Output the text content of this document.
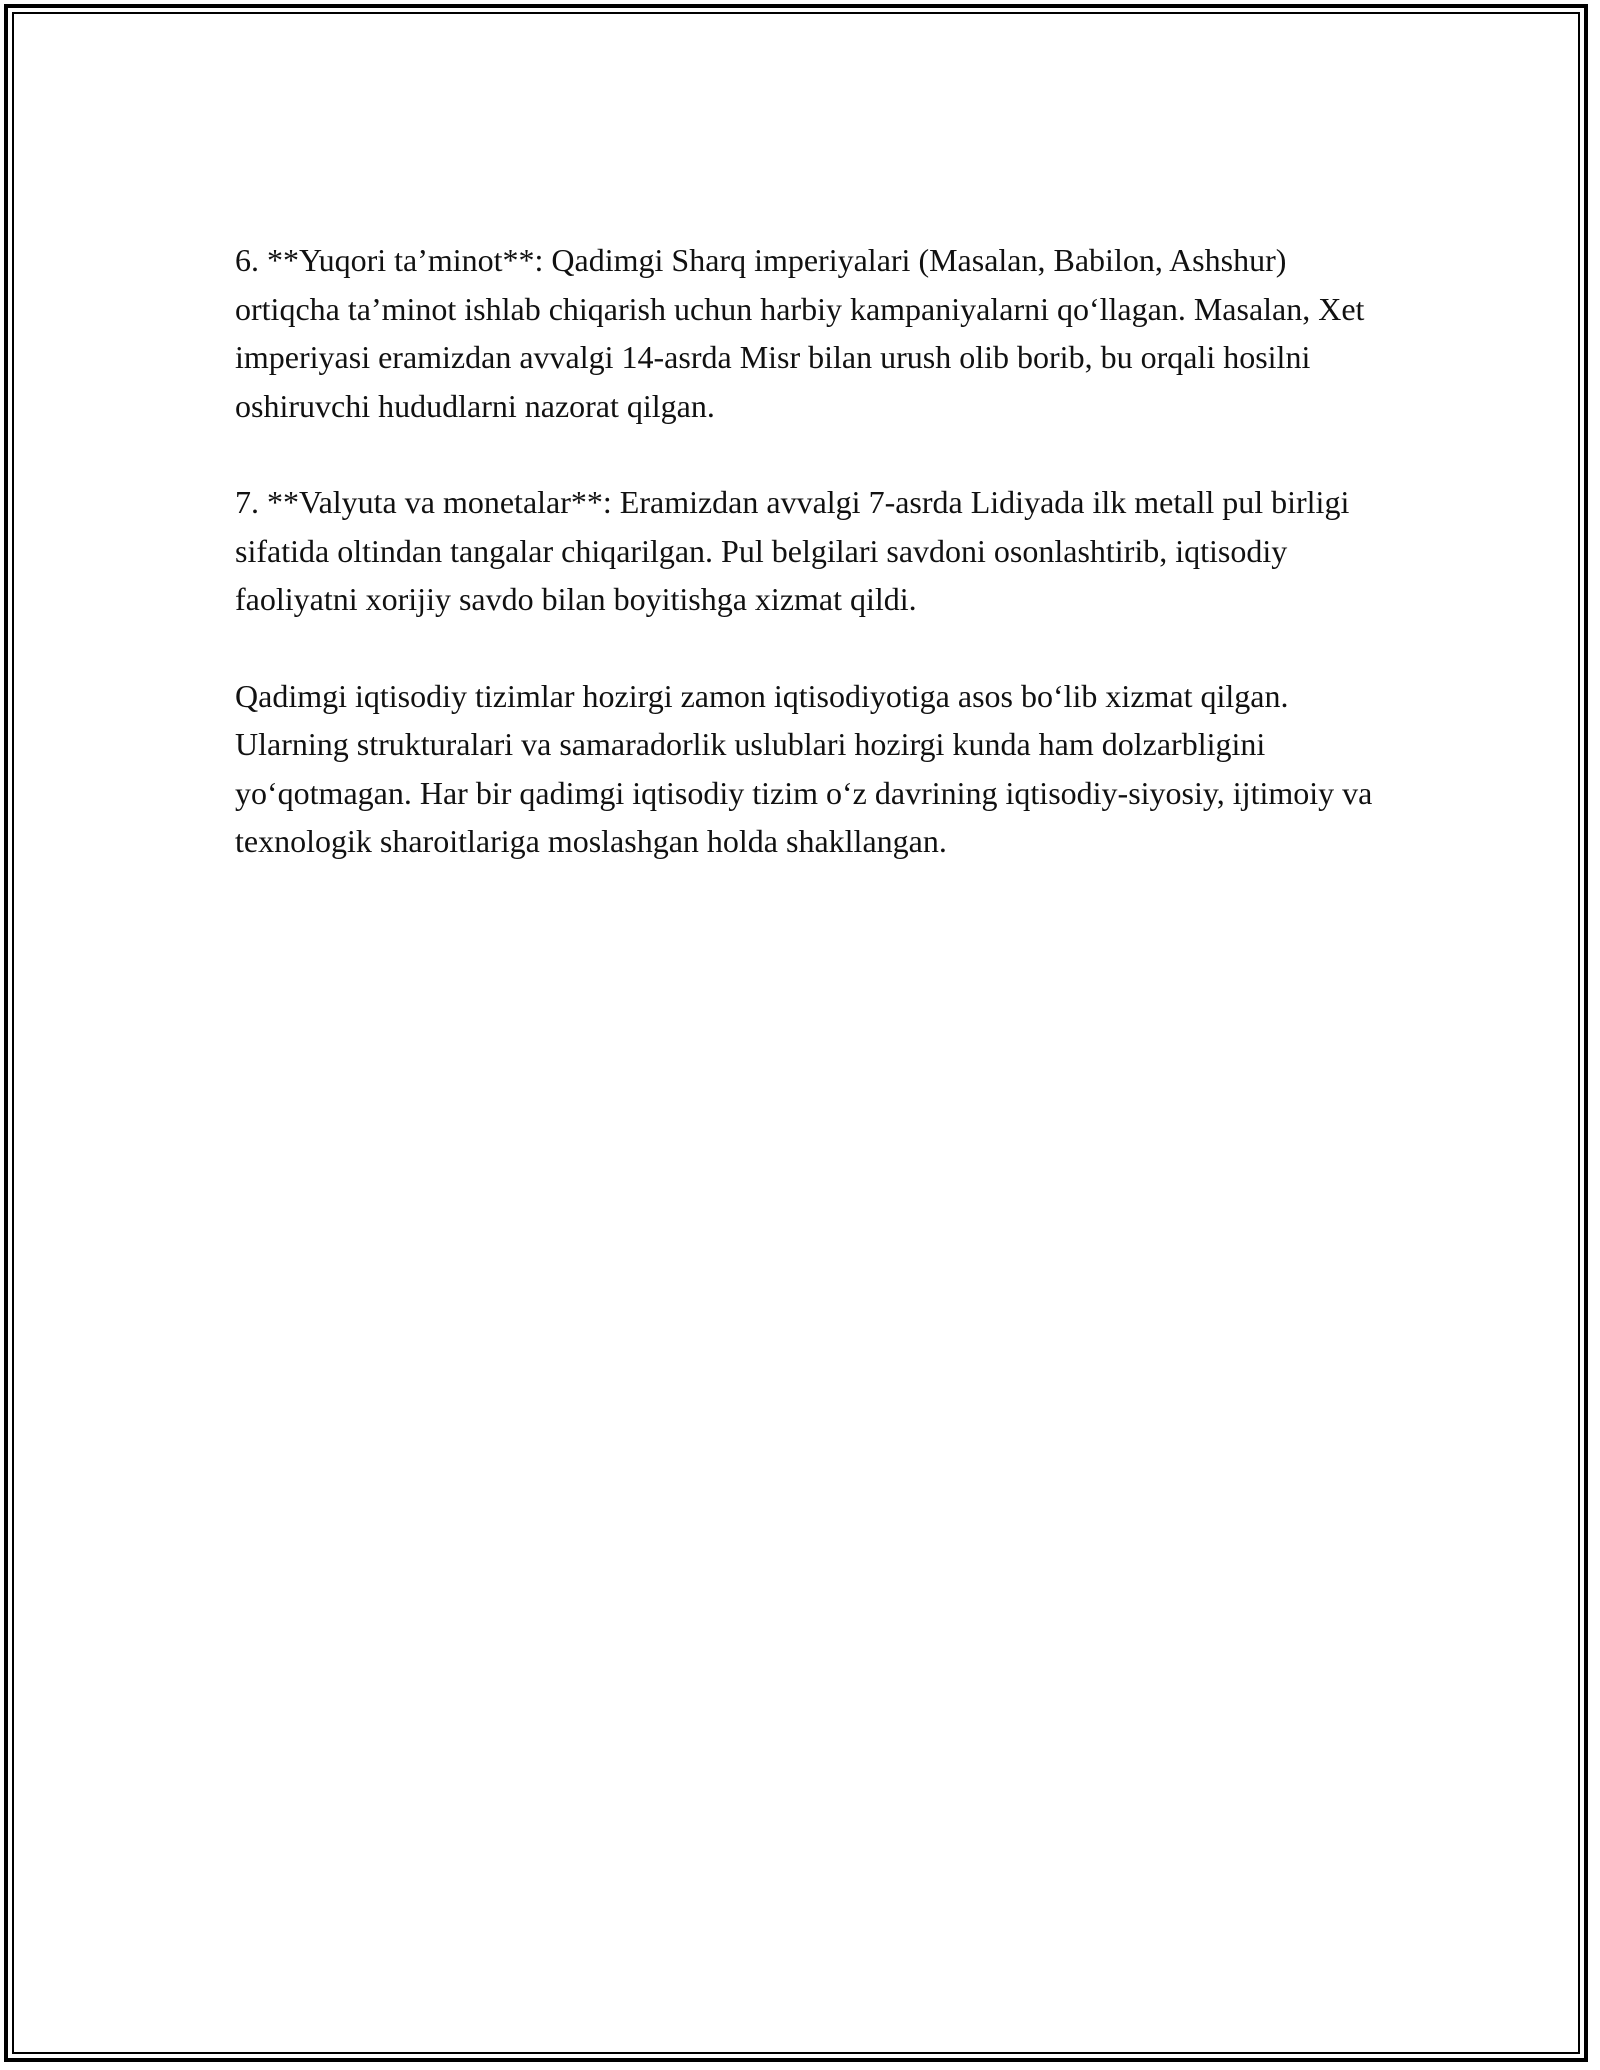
6. **Yuqori ta’minot**: Qadimgi Sharq imperiyalari (Masalan, Babilon, Ashshur) ortiqcha ta’minot ishlab chiqarish uchun harbiy kampaniyalarni qo‘llagan. Masalan, Xet imperiyasi eramizdan avvalgi 14-asrda Misr bilan urush olib borib, bu orqali hosilni oshiruvchi hududlarni nazorat qilgan.

7. **Valyuta va monetalar**: Eramizdan avvalgi 7-asrda Lidiyada ilk metall pul birligi sifatida oltindan tangalar chiqarilgan. Pul belgilari savdoni osonlashtirib, iqtisodiy faoliyatni xorijiy savdo bilan boyitishga xizmat qildi.

Qadimgi iqtisodiy tizimlar hozirgi zamon iqtisodiyotiga asos bo‘lib xizmat qilgan. Ularning strukturalari va samaradorlik uslublari hozirgi kunda ham dolzarbligini yo‘qotmagan. Har bir qadimgi iqtisodiy tizim o‘z davrining iqtisodiy-siyosiy, ijtimoiy va texnologik sharoitlariga moslashgan holda shakllangan.
